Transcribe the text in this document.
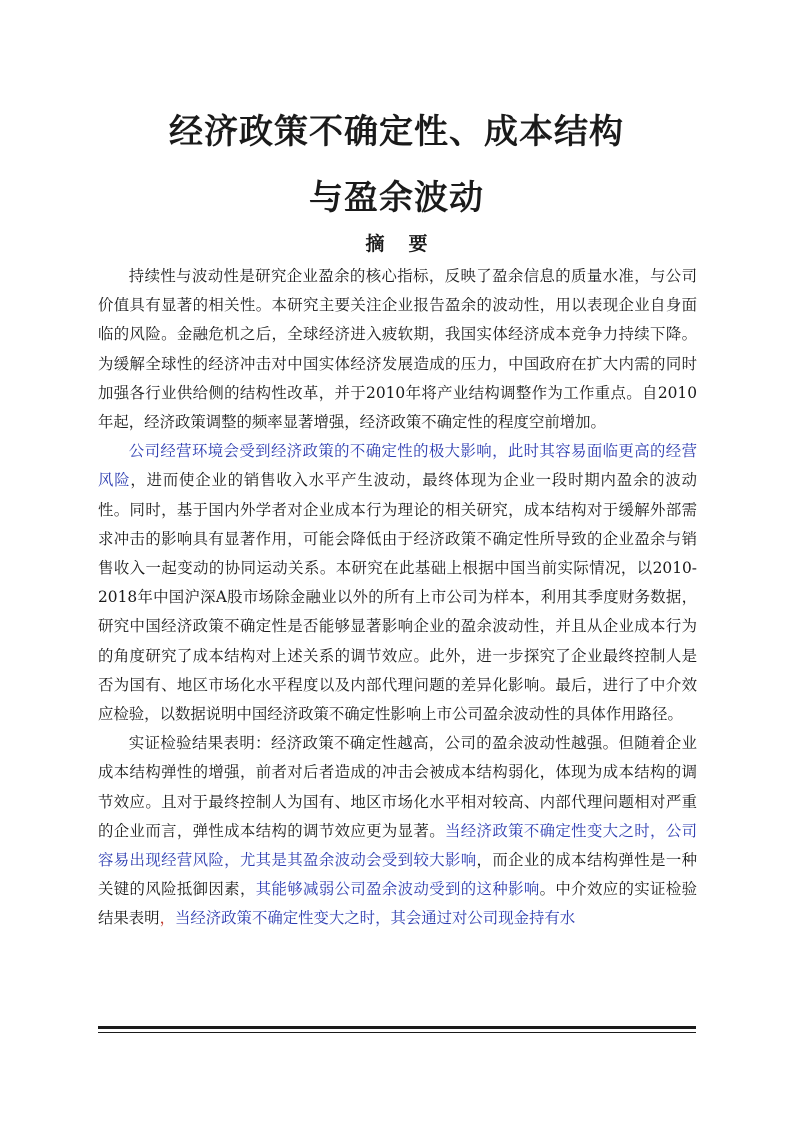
经济政策不确定性、成本结构
与盈余波动
摘 要

持续性与波动性是研究企业盈余的核心指标，反映了盈余信息的质量水准，与公司价值具有显著的相关性。本研究主要关注企业报告盈余的波动性，用以表现企业自身面临的风险。金融危机之后，全球经济进入疲软期，我国实体经济成本竞争力持续下降。为缓解全球性的经济冲击对中国实体经济发展造成的压力，中国政府在扩大内需的同时加强各行业供给侧的结构性改革，并于2010年将产业结构调整作为工作重点。自2010年起，经济政策调整的频率显著增强，经济政策不确定性的程度空前增加。

公司经营环境会受到经济政策的不确定性的极大影响，此时其容易面临更高的经营风险，进而使企业的销售收入水平产生波动，最终体现为企业一段时期内盈余的波动性。同时，基于国内外学者对企业成本行为理论的相关研究，成本结构对于缓解外部需求冲击的影响具有显著作用，可能会降低由于经济政策不确定性所导致的企业盈余与销售收入一起变动的协同运动关系。本研究在此基础上根据中国当前实际情况，以2010-2018年中国沪深A股市场除金融业以外的所有上市公司为样本，利用其季度财务数据，研究中国经济政策不确定性是否能够显著影响企业的盈余波动性，并且从企业成本行为的角度研究了成本结构对上述关系的调节效应。此外，进一步探究了企业最终控制人是否为国有、地区市场化水平程度以及内部代理问题的差异化影响。最后，进行了中介效应检验，以数据说明中国经济政策不确定性影响上市公司盈余波动性的具体作用路径。

实证检验结果表明：经济政策不确定性越高，公司的盈余波动性越强。但随着企业成本结构弹性的增强，前者对后者造成的冲击会被成本结构弱化，体现为成本结构的调节效应。且对于最终控制人为国有、地区市场化水平相对较高、内部代理问题相对严重的企业而言，弹性成本结构的调节效应更为显著。当经济政策不确定性变大之时，公司容易出现经营风险，尤其是其盈余波动会受到较大影响，而企业的成本结构弹性是一种关键的风险抵御因素，其能够减弱公司盈余波动受到的这种影响。中介效应的实证检验结果表明，当经济政策不确定性变大之时，其会通过对公司现金持有水
